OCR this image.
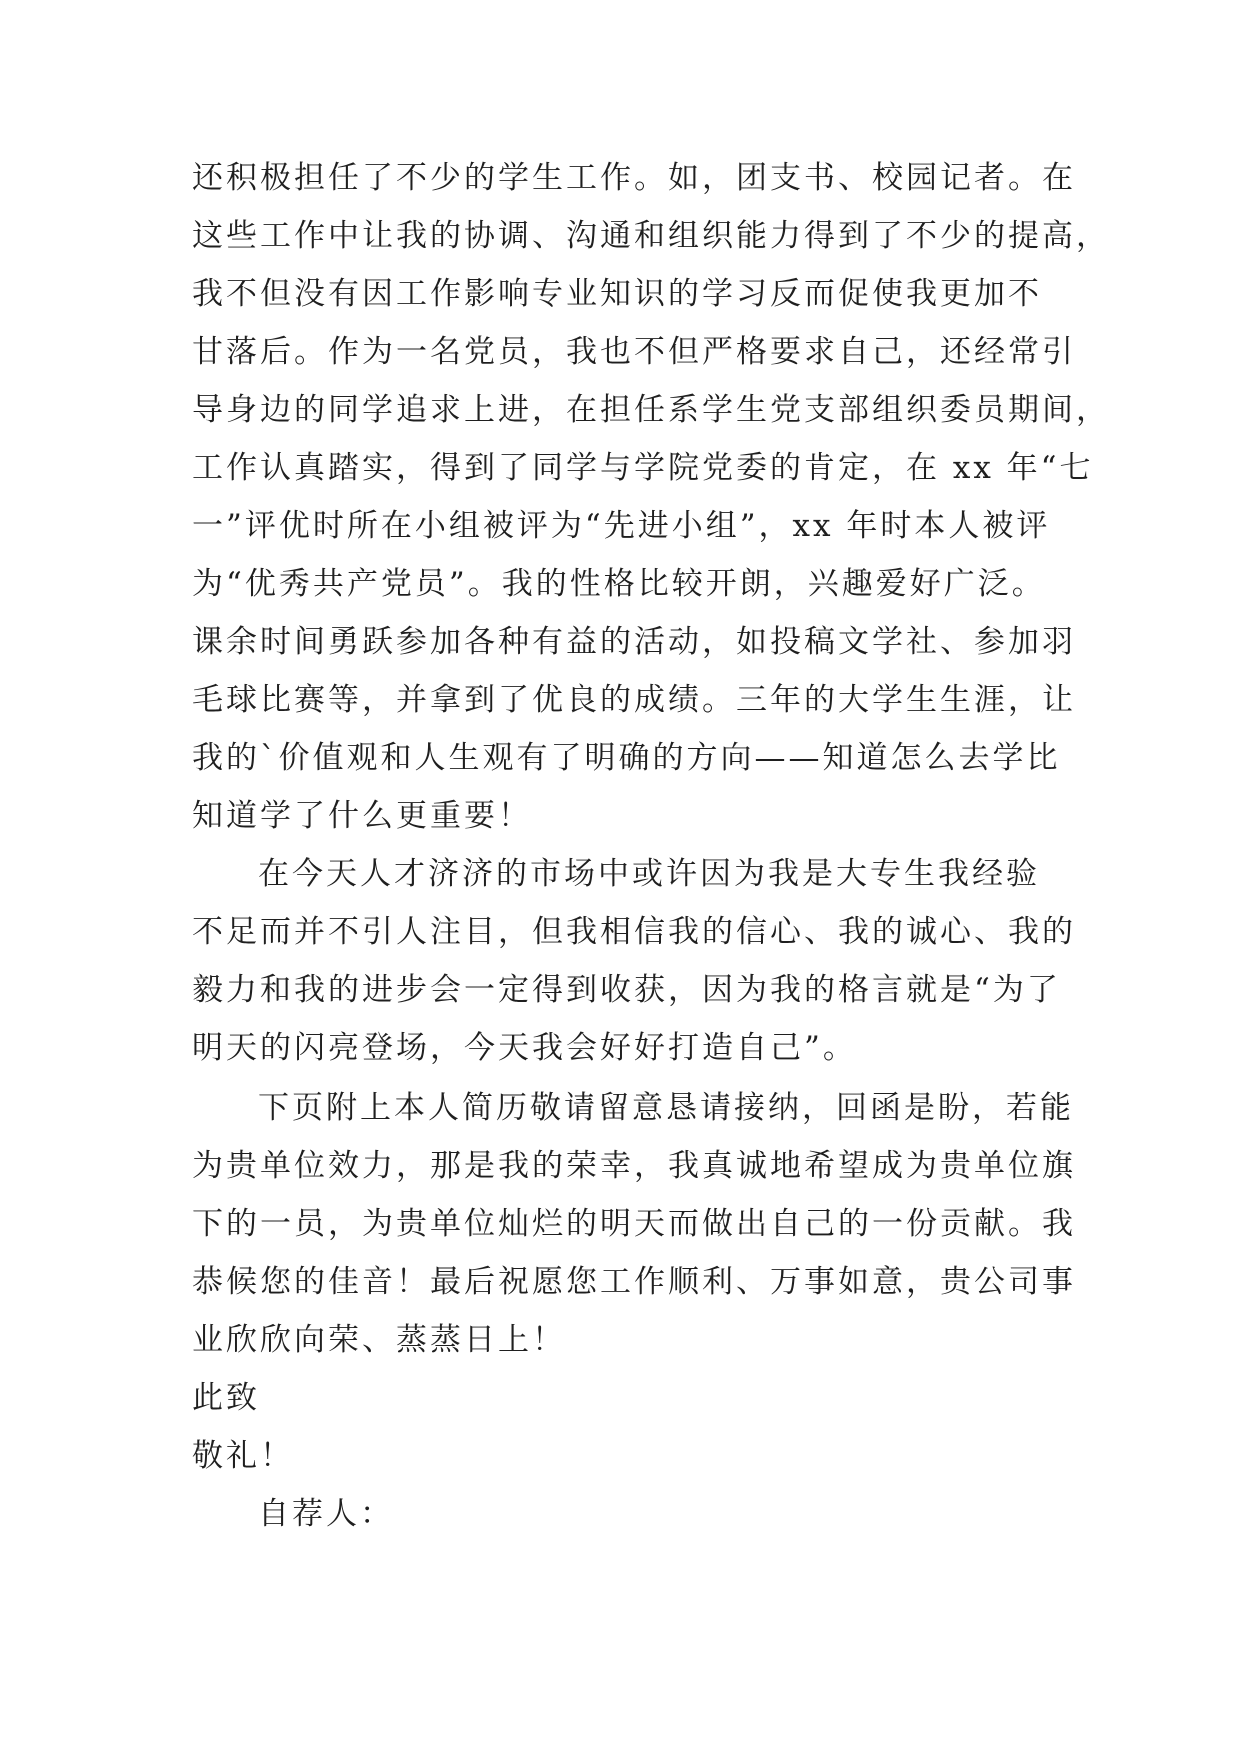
还积极担任了不少的学生工作。如，团支书、校园记者。在
这些工作中让我的协调、沟通和组织能力得到了不少的提高，
我不但没有因工作影响专业知识的学习反而促使我更加不
甘落后。作为一名党员，我也不但严格要求自己，还经常引
导身边的同学追求上进，在担任系学生党支部组织委员期间，
工作认真踏实，得到了同学与学院党委的肯定，在 xx 年“七
一”评优时所在小组被评为“先进小组”，xx 年时本人被评
为“优秀共产党员”。我的性格比较开朗，兴趣爱好广泛。
课余时间勇跃参加各种有益的活动，如投稿文学社、参加羽
毛球比赛等，并拿到了优良的成绩。三年的大学生生涯，让
我的`价值观和人生观有了明确的方向——知道怎么去学比
知道学了什么更重要！
在今天人才济济的市场中或许因为我是大专生我经验
不足而并不引人注目，但我相信我的信心、我的诚心、我的
毅力和我的进步会一定得到收获，因为我的格言就是“为了
明天的闪亮登场，今天我会好好打造自己”。
下页附上本人简历敬请留意恳请接纳，回函是盼，若能
为贵单位效力，那是我的荣幸，我真诚地希望成为贵单位旗
下的一员，为贵单位灿烂的明天而做出自己的一份贡献。我
恭候您的佳音！最后祝愿您工作顺利、万事如意，贵公司事
业欣欣向荣、蒸蒸日上！
此致
敬礼！
自荐人：
